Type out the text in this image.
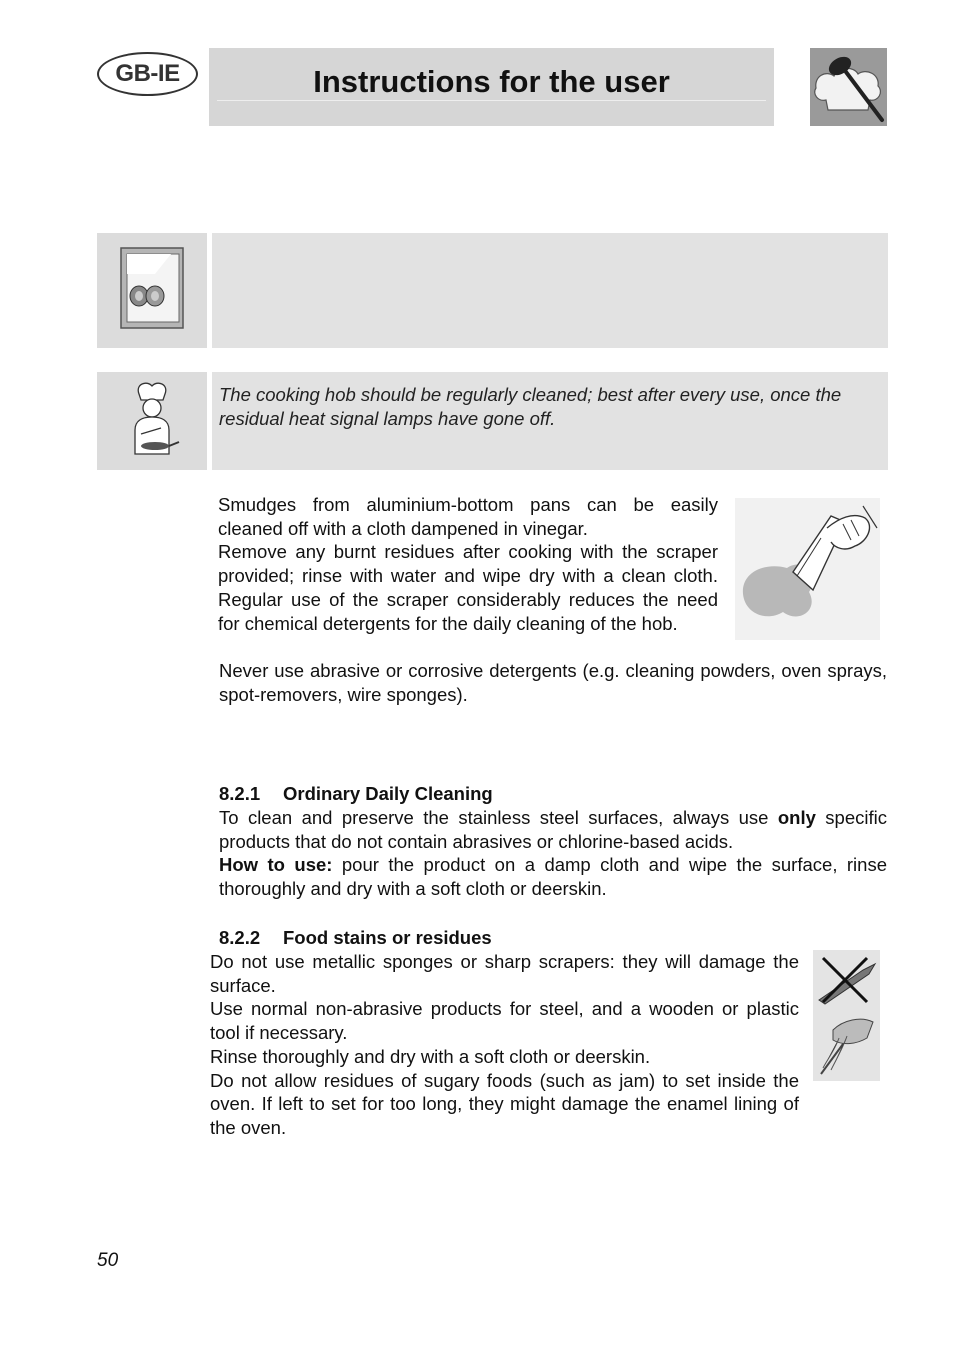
GB-IE	Instructions for the user
The cooking hob should be regularly cleaned; best after every use, once the residual heat signal lamps have gone off.

Smudges from aluminium-bottom pans can be easily cleaned off with a cloth dampened in vinegar.

Remove any burnt residues after cooking with the scraper provided; rinse with water and wipe dry with a clean cloth. Regular use of the scraper considerably reduces the need for chemical detergents for the daily cleaning of the hob.

Never use abrasive or corrosive detergents (e.g. cleaning powders, oven sprays, spot-removers, wire sponges).

8.2.1 Ordinary Daily Cleaning

To clean and preserve the stainless steel surfaces, always use only specific products that do not contain abrasives or chlorine-based acids.

How to use: pour the product on a damp cloth and wipe the surface, rinse thoroughly and dry with a soft cloth or deerskin.

8.2.2 Food stains or residues

Do not use metallic sponges or sharp scrapers: they will damage the surface.

Use normal non-abrasive products for steel, and a wooden or plastic tool if necessary.

Rinse thoroughly and dry with a soft cloth or deerskin.

Do not allow residues of sugary foods (such as jam) to set inside the oven. If left to set for too long, they might damage the enamel lining of the oven.

50
